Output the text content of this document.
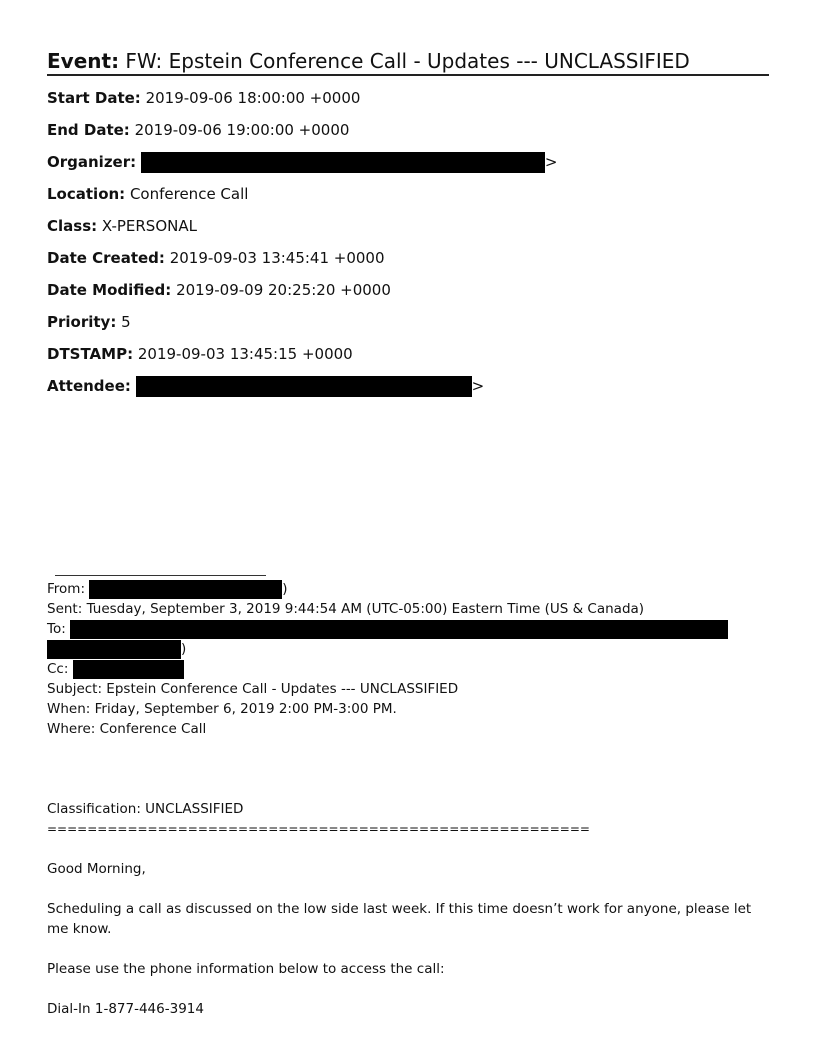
Event: FW: Epstein Conference Call - Updates --- UNCLASSIFIED
Start Date: 2019-09-06 18:00:00 +0000
End Date: 2019-09-06 19:00:00 +0000
Organizer:	>
Location: Conference Call
Class: X-PERSONAL
Date Created: 2019-09-03 13:45:41 +0000
Date Modified: 2019-09-09 20:25:20 +0000
Priority: 5
DTSTAMP: 2019-09-03 13:45:15 +0000
Attendee:	>
From:	)
Sent: Tuesday, September 3, 2019 9:44:54 AM (UTC-05:00) Eastern Time (US & Canada)
To:
)
Cc:
Subject: Epstein Conference Call - Updates --- UNCLASSIFIED
When: Friday, September 6, 2019 2:00 PM-3:00 PM.
Where: Conference Call
Classification: UNCLASSIFIED
======================================================
Good Morning,
Scheduling a call as discussed on the low side last week. If this time doesn’t work for anyone, please let me know.
Please use the phone information below to access the call:
Dial-In 1-877-446-3914
